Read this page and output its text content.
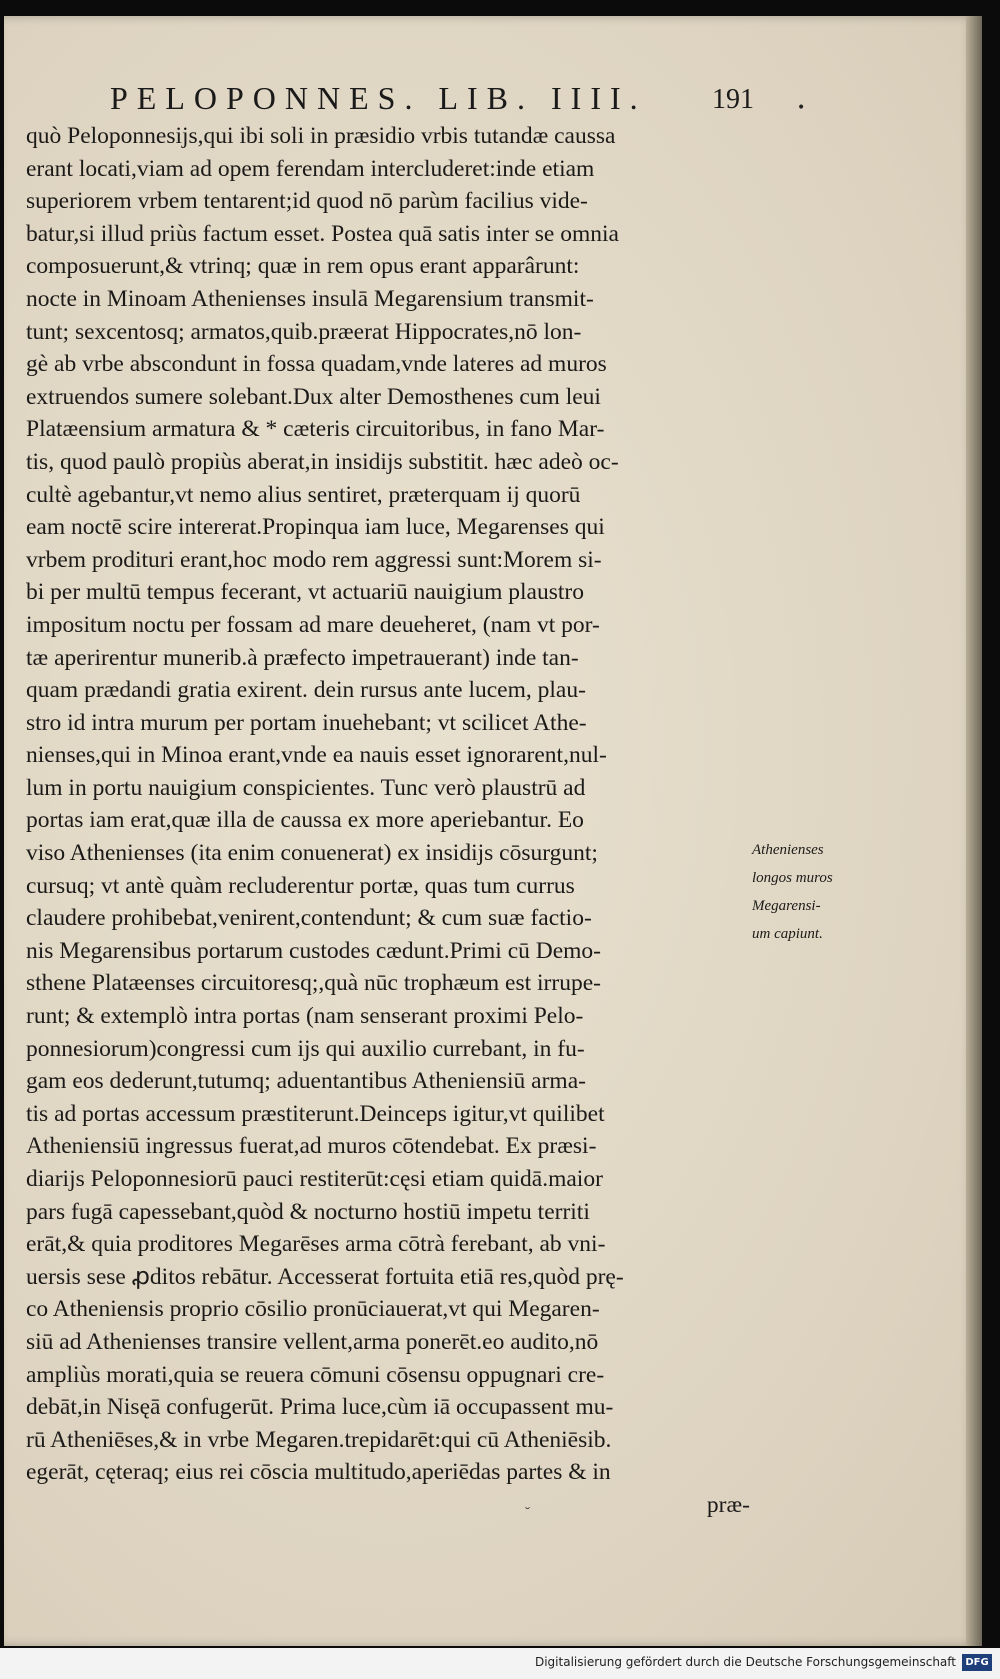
PELOPONNES. LIB. IIII. 191	•
quò Peloponnesijs,qui ibi soli in præsidio vrbis tutandæ caussa
erant locati,viam ad opem ferendam intercluderet:inde etiam
superiorem vrbem tentarent;id quod nō parùm facilius vide-
batur,si illud priùs factum esset. Postea quā satis inter se omnia
composuerunt,& vtrinq; quæ in rem opus erant apparârunt:
nocte in Minoam Athenienses insulā Megarensium transmit-
tunt; sexcentosq; armatos,quib.præerat Hippocrates,nō lon-
gè ab vrbe abscondunt in fossa quadam,vnde lateres ad muros
extruendos sumere solebant.Dux alter Demosthenes cum leui
Platæensium armatura & * cæteris circuitoribus, in fano Mar-
tis, quod paulò propiùs aberat,in insidijs substitit. hæc adeò oc-
cultè agebantur,vt nemo alius sentiret, præterquam ij quorū
eam noctē scire intererat.Propinqua iam luce, Megarenses qui
vrbem prodituri erant,hoc modo rem aggressi sunt:Morem si-
bi per multū tempus fecerant, vt actuariū nauigium plaustro
impositum noctu per fossam ad mare deueheret, (nam vt por-
tæ aperirentur munerib.à præfecto impetrauerant) inde tan-
quam prædandi gratia exirent. dein rursus ante lucem, plau-
stro id intra murum per portam inuehebant; vt scilicet Athe-
nienses,qui in Minoa erant,vnde ea nauis esset ignorarent,nul-
lum in portu nauigium conspicientes. Tunc verò plaustrū ad
portas iam erat,quæ illa de caussa ex more aperiebantur. Eo
viso Athenienses (ita enim conuenerat) ex insidijs cōsurgunt;
cursuq; vt antè quàm recluderentur portæ, quas tum currus
claudere prohibebat,venirent,contendunt; & cum suæ factio-
nis Megarensibus portarum custodes cædunt.Primi cū Demo-
sthene Platæenses circuitoresq;,quà nūc trophæum est irrupe-
runt; & extemplò intra portas (nam senserant proximi Pelo-
ponnesiorum)congressi cum ijs qui auxilio currebant, in fu-
gam eos dederunt,tutumq; aduentantibus Atheniensiū arma-
tis ad portas accessum præstiterunt.Deinceps igitur,vt quilibet
Atheniensiū ingressus fuerat,ad muros cōtendebat. Ex præsi-
diarijs Peloponnesiorū pauci restiterūt:cęsi etiam quidā.maior
pars fugā capessebant,quòd & nocturno hostiū impetu territi
erāt,& quia proditores Megarēses arma cōtrà ferebant, ab vni-
uersis sese ꝓditos rebātur. Accesserat fortuita etiā res,quòd prę-
co Atheniensis proprio cōsilio pronūciauerat,vt qui Megaren-
siū ad Athenienses transire vellent,arma ponerēt.eo audito,nō
ampliùs morati,quia se reuera cōmuni cōsensu oppugnari cre-
debāt,in Nisęā confugerūt. Prima luce,cùm iā occupassent mu-
rū Atheniēses,& in vrbe Megaren.trepidarēt:qui cū Atheniēsib.
egerāt, cęteraq; eius rei cōscia multitudo,aperiēdas partes & in
præ-
Athenienses
longos muros
Megarensi-
um capiunt.
˘
Digitalisierung gefördert durch die Deutsche Forschungsgemeinschaft DFG
